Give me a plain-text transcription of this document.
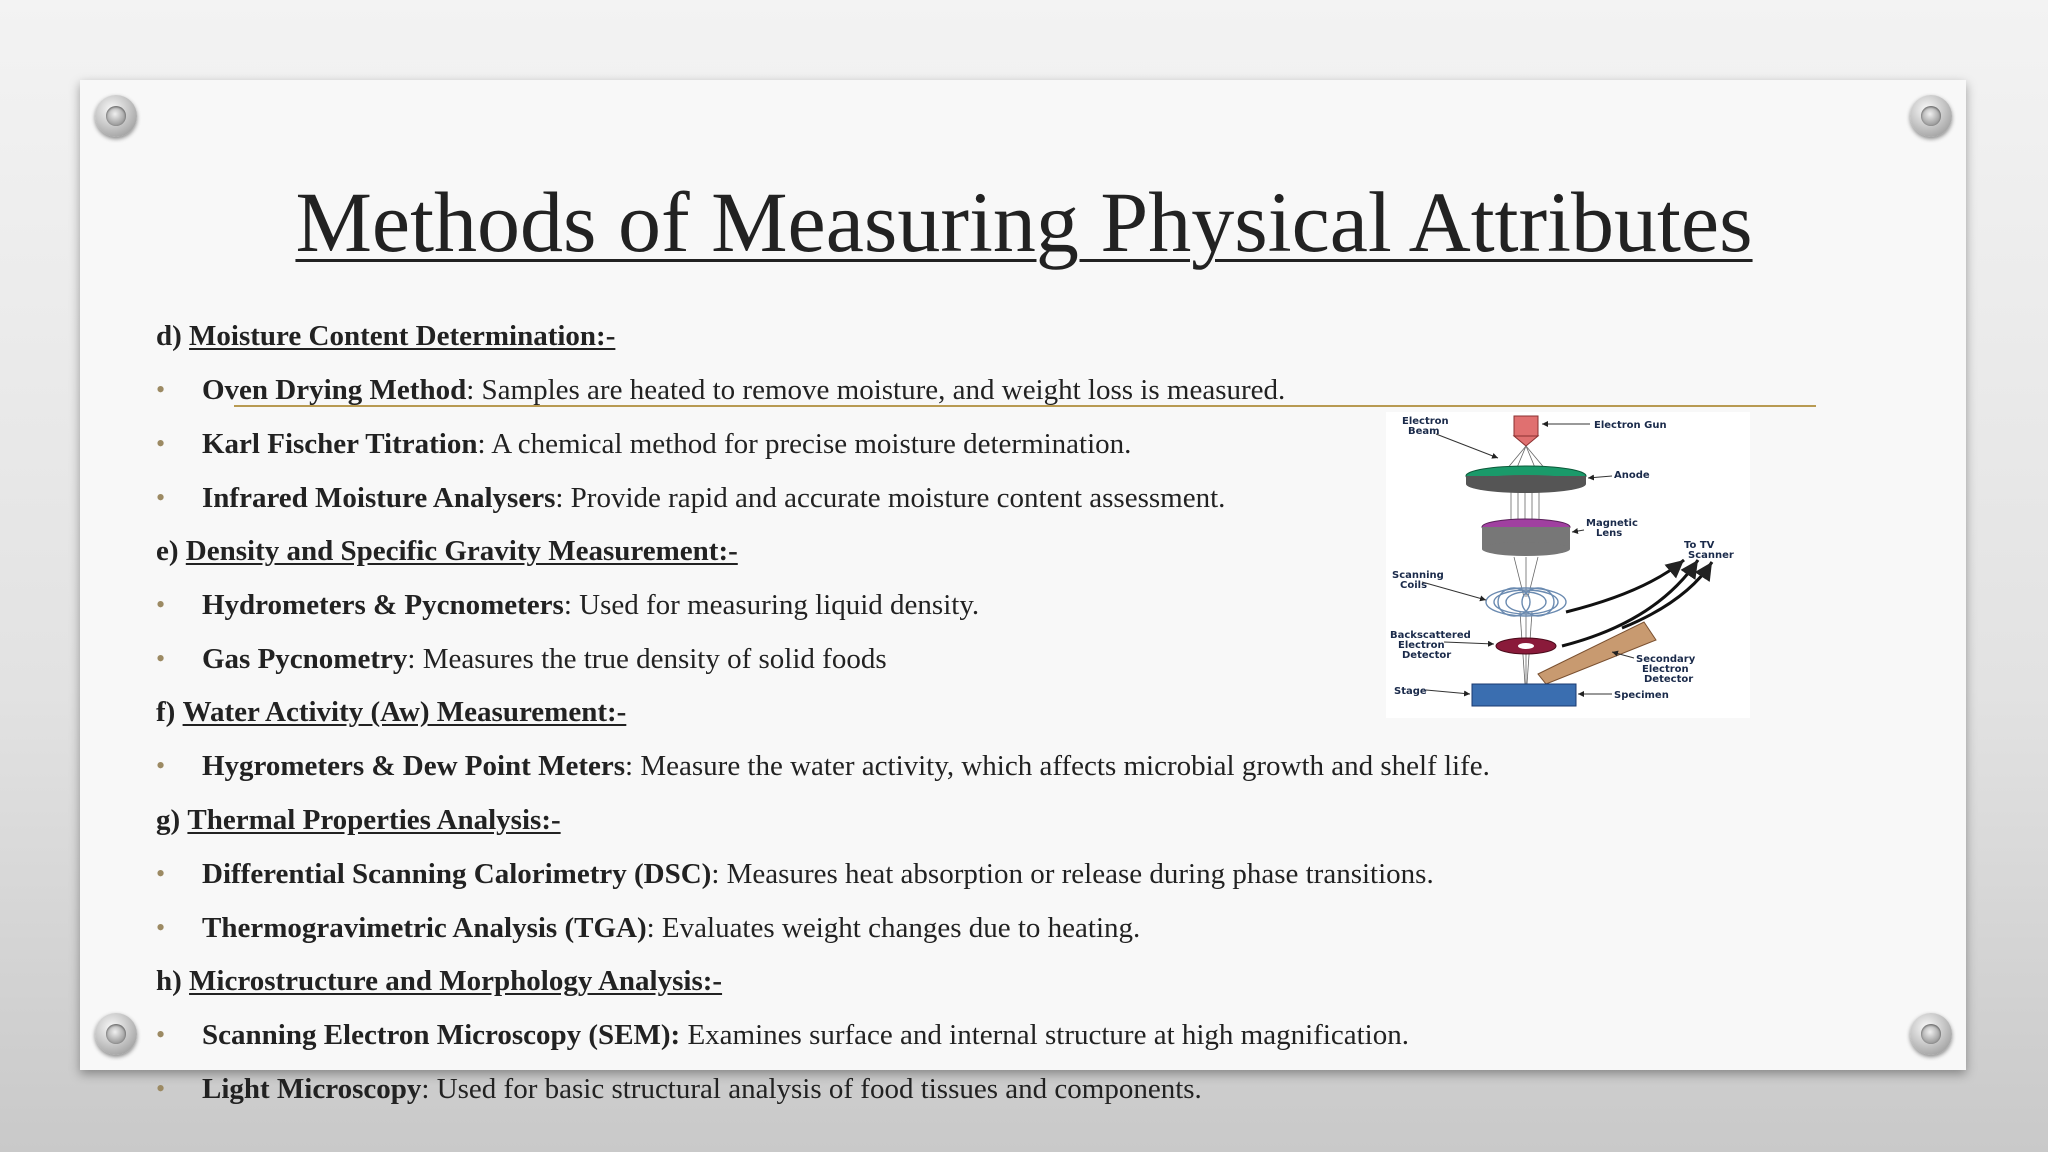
Methods of Measuring Physical Attributes
d) Moisture Content Determination:-
• Oven Drying Method: Samples are heated to remove moisture, and weight loss is measured.
• Karl Fischer Titration: A chemical method for precise moisture determination.
• Infrared Moisture Analysers: Provide rapid and accurate moisture content assessment.
e) Density and Specific Gravity Measurement:-
• Hydrometers & Pycnometers: Used for measuring liquid density.
• Gas Pycnometry: Measures the true density of solid foods
f) Water Activity (Aw) Measurement:-
• Hygrometers & Dew Point Meters: Measure the water activity, which affects microbial growth and shelf life.
g) Thermal Properties Analysis:-
• Differential Scanning Calorimetry (DSC): Measures heat absorption or release during phase transitions.
• Thermogravimetric Analysis (TGA): Evaluates weight changes due to heating.
h) Microstructure and Morphology Analysis:-
• Scanning Electron Microscopy (SEM): Examines surface and internal structure at high magnification.
• Light Microscopy: Used for basic structural analysis of food tissues and components.
Electron
Beam
Electron Gun
Anode
Magnetic
Lens
To TV
Scanner
Scanning
Coils
Backscattered
Electron
Detector	Secondary
Electron
Detector
Stage	Specimen
